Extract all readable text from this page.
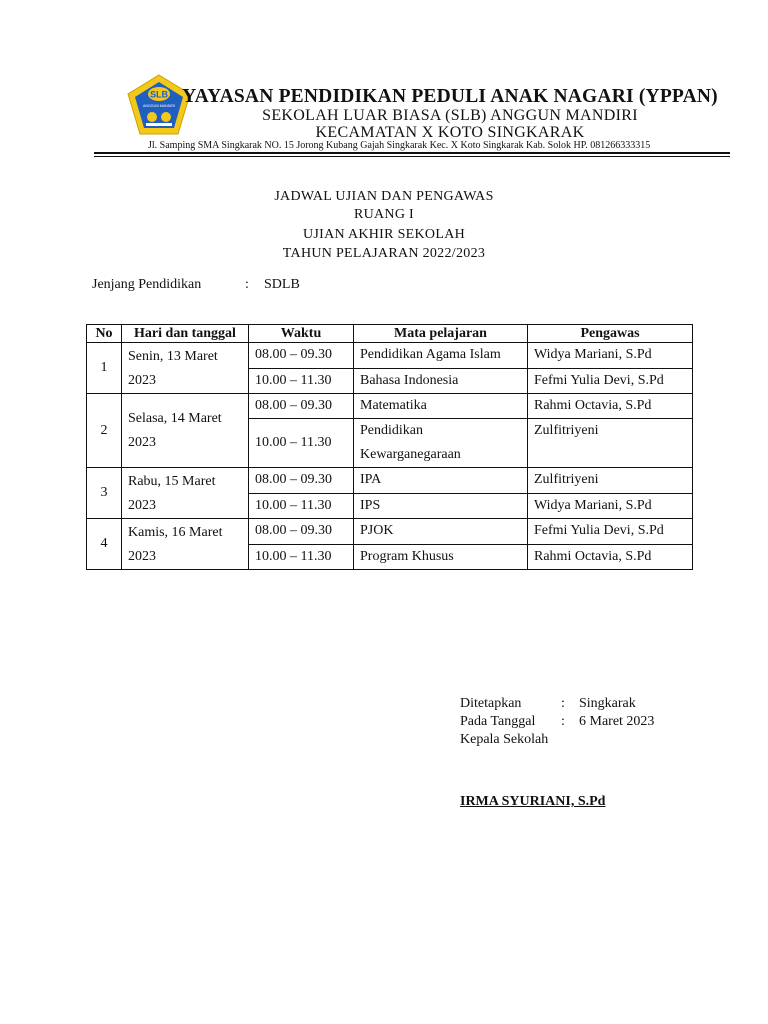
SLB
ANGGUN MANDIRI YAYASAN PENDIDIKAN PEDULI ANAK NAGARI (YPPAN)
SEKOLAH LUAR BIASA (SLB) ANGGUN MANDIRI
KECAMATAN X KOTO SINGKARAK
Jl. Samping SMA Singkarak NO. 15 Jorong Kubang Gajah Singkarak Kec. X Koto Singkarak Kab. Solok HP. 081266333315
JADWAL UJIAN DAN PENGAWAS
RUANG I
UJIAN AKHIR SEKOLAH
TAHUN PELAJARAN 2022/2023
Jenjang Pendidikan	: SDLB
No	Hari dan tanggal	Waktu	Mata pelajaran	Pengawas
1	Senin, 13 Maret 2023	08.00 – 09.30	Pendidikan Agama Islam	Widya Mariani, S.Pd
		10.00 – 11.30	Bahasa Indonesia	Fefmi Yulia Devi, S.Pd
2	Selasa, 14 Maret 2023	08.00 – 09.30	Matematika	Rahmi Octavia, S.Pd
		10.00 – 11.30	Pendidikan Kewarganegaraan	Zulfitriyeni
3	Rabu, 15 Maret 2023	08.00 – 09.30	IPA	Zulfitriyeni
		10.00 – 11.30	IPS	Widya Mariani, S.Pd
4	Kamis, 16 Maret 2023	08.00 – 09.30	PJOK	Fefmi Yulia Devi, S.Pd
		10.00 – 11.30	Program Khusus	Rahmi Octavia, S.Pd
Ditetapkan	: Singkarak
Pada Tanggal : 6 Maret 2023
Kepala Sekolah
IRMA SYURIANI, S.Pd
